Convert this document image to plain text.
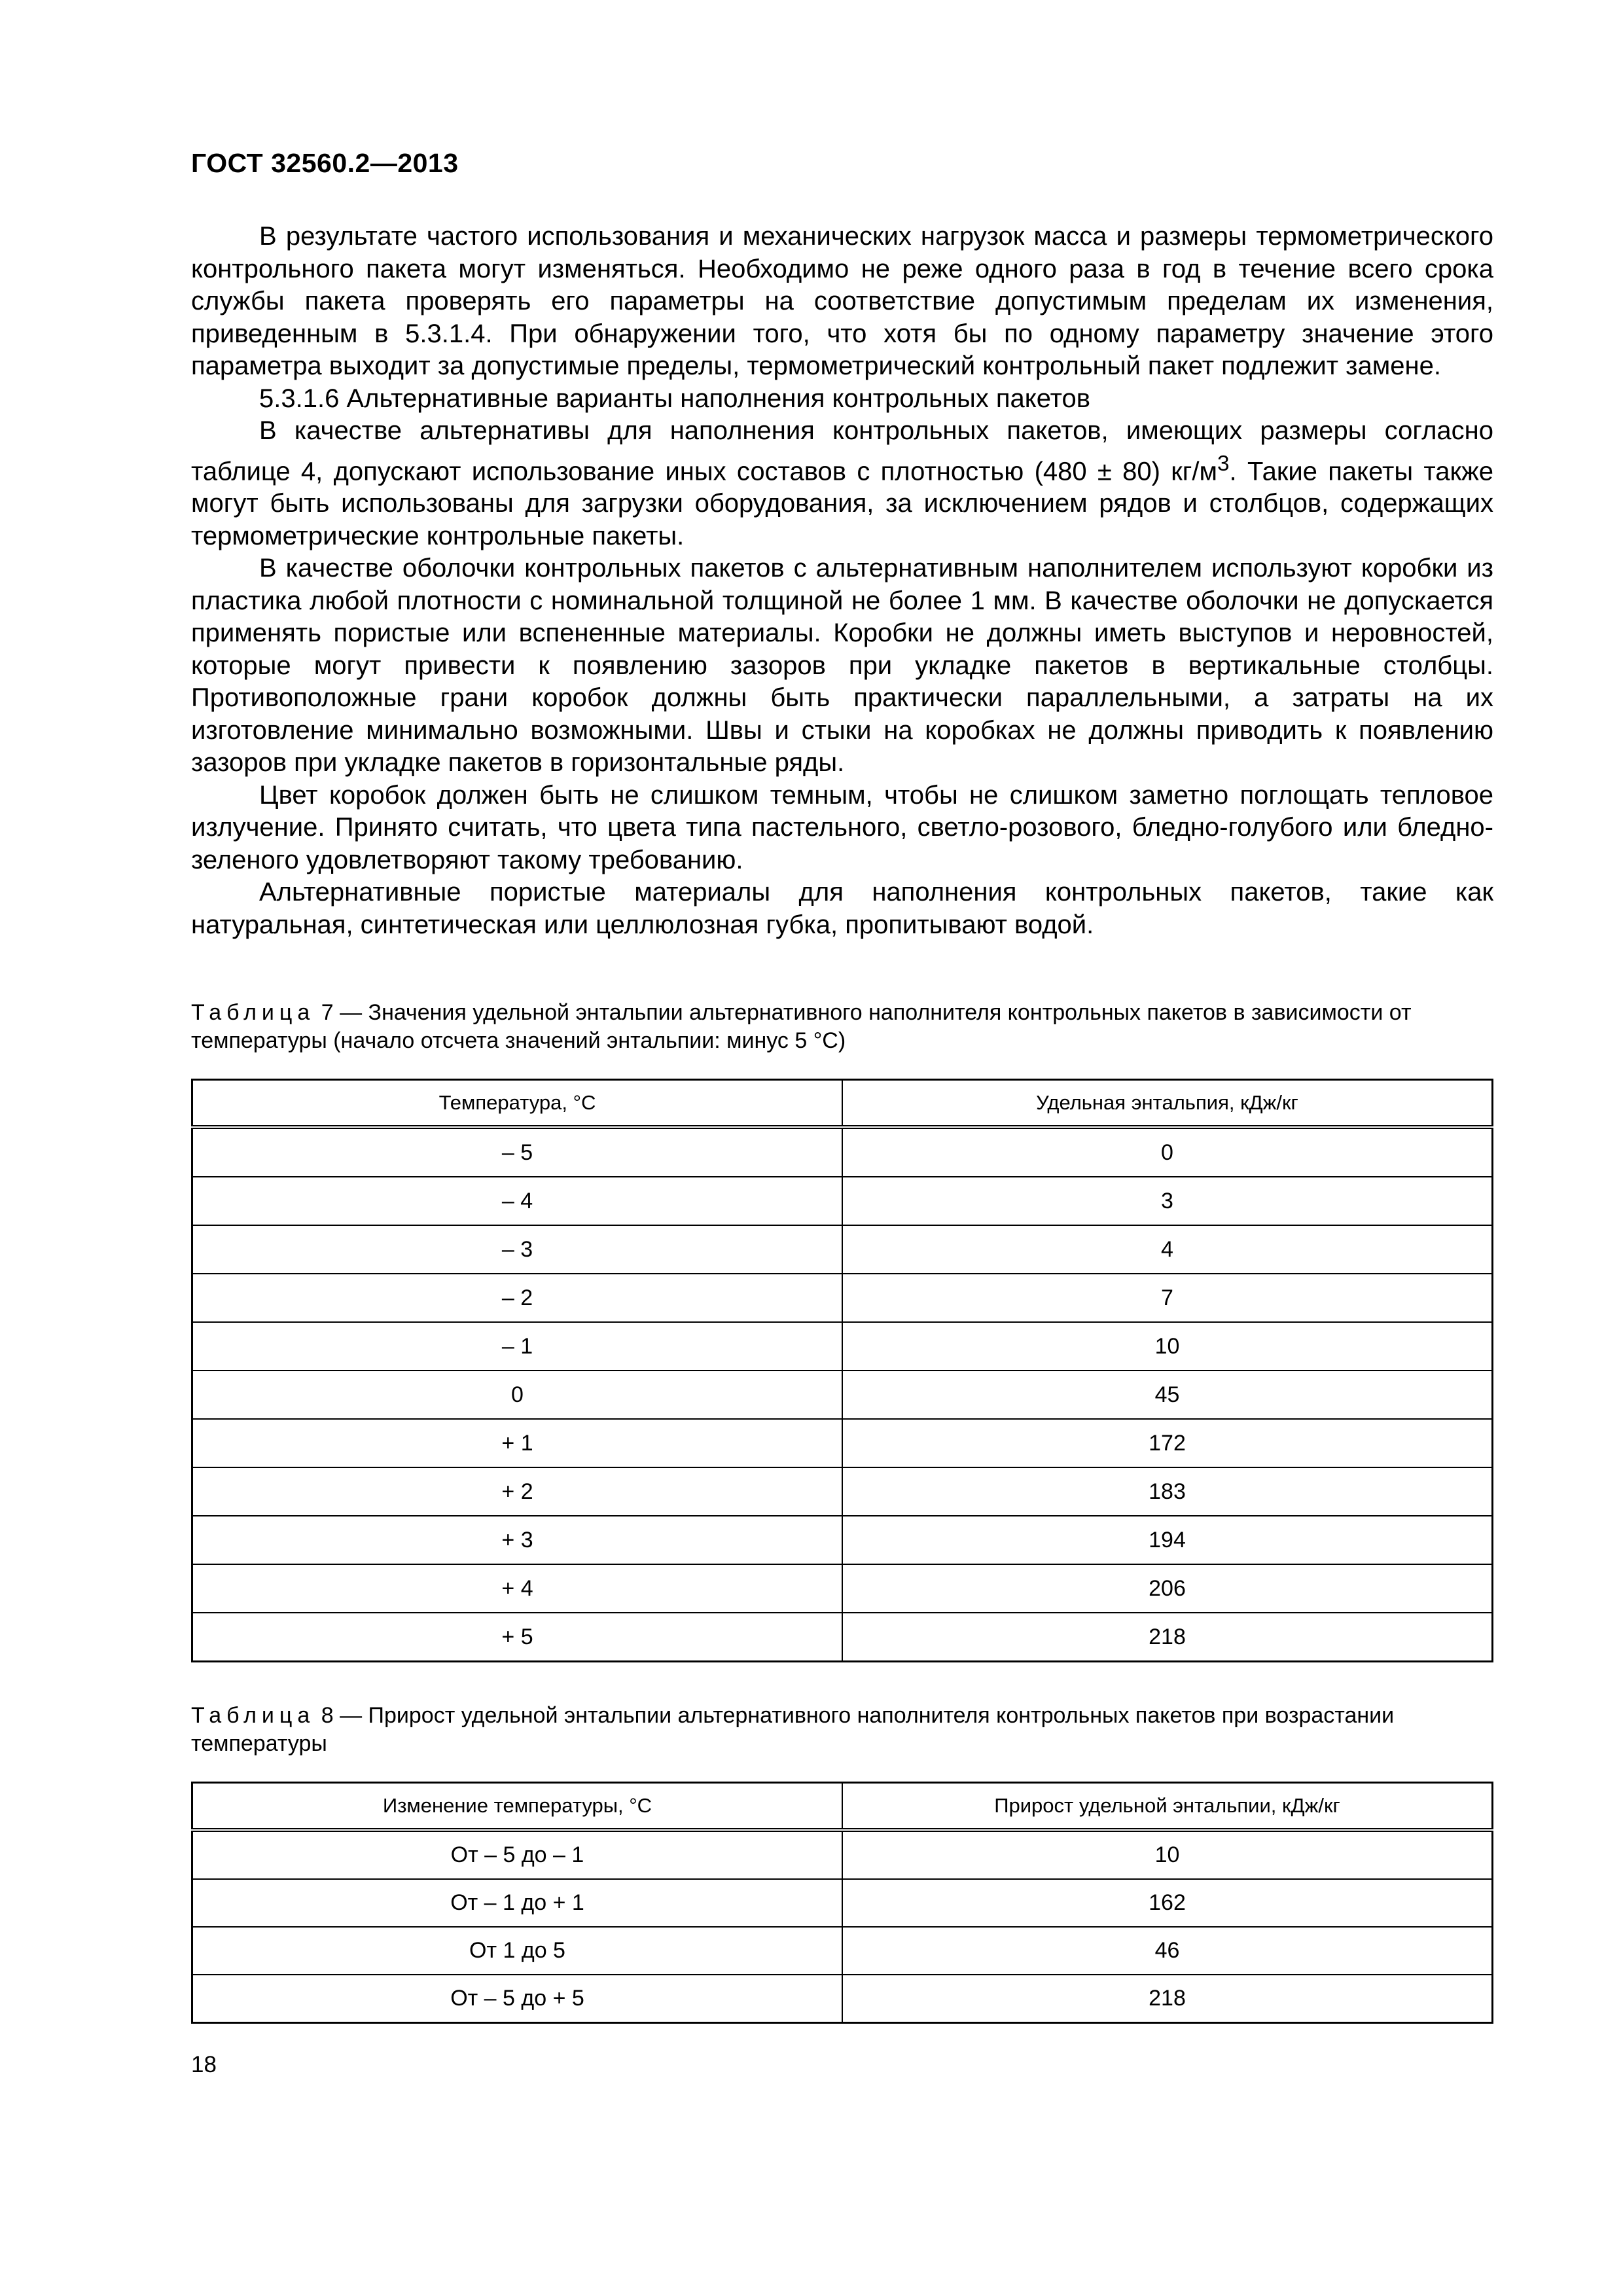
ГОСТ 32560.2—2013

В результате частого использования и механических нагрузок масса и размеры термометрического контрольного пакета могут изменяться. Необходимо не реже одного раза в год в течение всего срока службы пакета проверять его параметры на соответствие допустимым пределам их изменения, приведенным в 5.3.1.4. При обнаружении того, что хотя бы по одному параметру значение этого параметра выходит за допустимые пределы, термометрический контрольный пакет подлежит замене.

5.3.1.6 Альтернативные варианты наполнения контрольных пакетов

В качестве альтернативы для наполнения контрольных пакетов, имеющих размеры согласно таблице 4, допускают использование иных составов с плотностью (480 ± 80) $кг/м^3$. Такие пакеты также могут быть использованы для загрузки оборудования, за исключением рядов и столбцов, содержащих термометрические контрольные пакеты.

В качестве оболочки контрольных пакетов с альтернативным наполнителем используют коробки из пластика любой плотности с номинальной толщиной не более 1 мм. В качестве оболочки не допускается применять пористые или вспененные материалы. Коробки не должны иметь выступов и неровностей, которые могут привести к появлению зазоров при укладке пакетов в вертикальные столбцы. Противоположные грани коробок должны быть практически параллельными, а затраты на их изготовление минимально возможными. Швы и стыки на коробках не должны приводить к появлению зазоров при укладке пакетов в горизонтальные ряды.

Цвет коробок должен быть не слишком темным, чтобы не слишком заметно поглощать тепловое излучение. Принято считать, что цвета типа пастельного, светло-розового, бледно-голубого или бледно-зеленого удовлетворяют такому требованию.

Альтернативные пористые материалы для наполнения контрольных пакетов, такие как натуральная, синтетическая или целлюлозная губка, пропитывают водой.

Таблица 7 — Значения удельной энтальпии альтернативного наполнителя контрольных пакетов в зависимости от температуры (начало отсчета значений энтальпии: минус 5 °C)
Температура, °C	Удельная энтальпия, кДж/кг
– 5	0
– 4	3
– 3	4
– 2	7
– 1	10
0	45
+ 1	172
+ 2	183
+ 3	194
+ 4	206
+ 5	218
Таблица 8 — Прирост удельной энтальпии альтернативного наполнителя контрольных пакетов при возрастании температуры
Изменение температуры, °C	Прирост удельной энтальпии, кДж/кг
От – 5 до – 1	10
От – 1 до + 1	162
От 1 до 5	46
От – 5 до + 5	218
18
